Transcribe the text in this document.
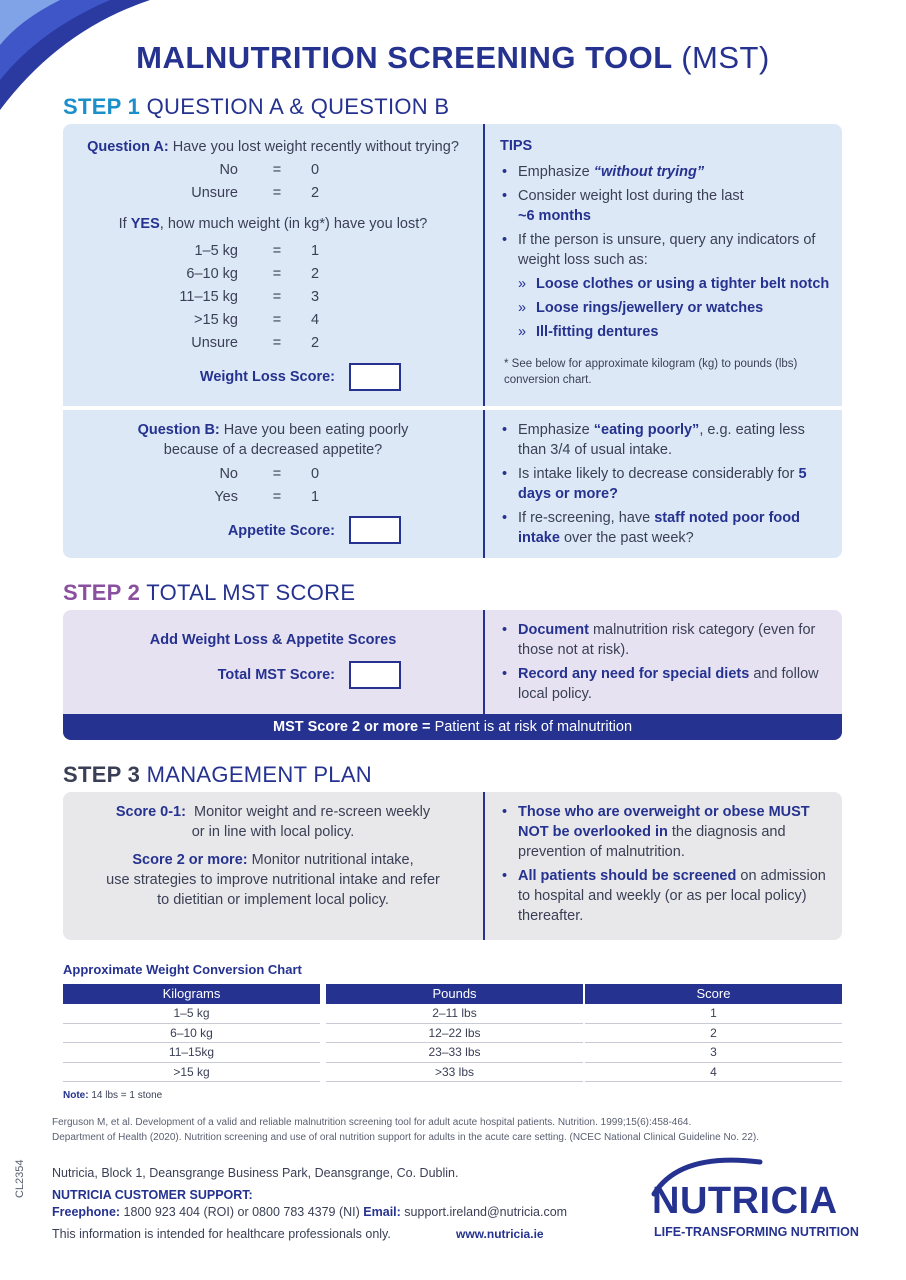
MALNUTRITION SCREENING TOOL (MST)
STEP 1 QUESTION A & QUESTION B
Question A: Have you lost weight recently without trying?
No = 0
Unsure = 2
If YES, how much weight (in kg*) have you lost?
1–5 kg = 1
6–10 kg = 2
11–15 kg = 3
>15 kg = 4
Unsure = 2
Weight Loss Score:
TIPS
• Emphasize “without trying”
• Consider weight lost during the last
~6 months
• If the person is unsure, query any indicators of weight loss such as:
» Loose clothes or using a tighter belt notch
» Loose rings/jewellery or watches
» Ill-fitting dentures
* See below for approximate kilogram (kg) to pounds (lbs) conversion chart.
Question B: Have you been eating poorly
because of a decreased appetite?
No = 0
Yes = 1
Appetite Score:
• Emphasize “eating poorly”, e.g. eating less than 3/4 of usual intake.
• Is intake likely to decrease considerably for 5 days or more?
• If re-screening, have staff noted poor food intake over the past week?
STEP 2 TOTAL MST SCORE
Add Weight Loss & Appetite Scores
Total MST Score:
• Document malnutrition risk category (even for those not at risk).
• Record any need for special diets and follow local policy.
MST Score 2 or more = Patient is at risk of malnutrition
STEP 3 MANAGEMENT PLAN
Score 0-1: Monitor weight and re-screen weekly
or in line with local policy.
Score 2 or more: Monitor nutritional intake,
use strategies to improve nutritional intake and refer
to dietitian or implement local policy.
• Those who are overweight or obese MUST NOT be overlooked in the diagnosis and prevention of malnutrition.
• All patients should be screened on admission to hospital and weekly (or as per local policy) thereafter.
Approximate Weight Conversion Chart
Kilograms
1–5 kg
6–10 kg
11–15kg
>15 kg
Pounds
2–11 lbs
12–22 lbs
23–33 lbs
>33 lbs
Score
1
2
3
4
Note: 14 lbs = 1 stone
Ferguson M, et al. Development of a valid and reliable malnutrition screening tool for adult acute hospital patients. Nutrition. 1999;15(6):458-464.
Department of Health (2020). Nutrition screening and use of oral nutrition support for adults in the acute care setting. (NCEC National Clinical Guideline No. 22).
Nutricia, Block 1, Deansgrange Business Park, Deansgrange, Co. Dublin.
NUTRICIA CUSTOMER SUPPORT:
Freephone: 1800 923 404 (ROI) or 0800 783 4379 (NI) Email: support.ireland@nutricia.com
This information is intended for healthcare professionals only.	www.nutricia.ie
CL2354
NUTRICIA
LIFE-TRANSFORMING NUTRITION
